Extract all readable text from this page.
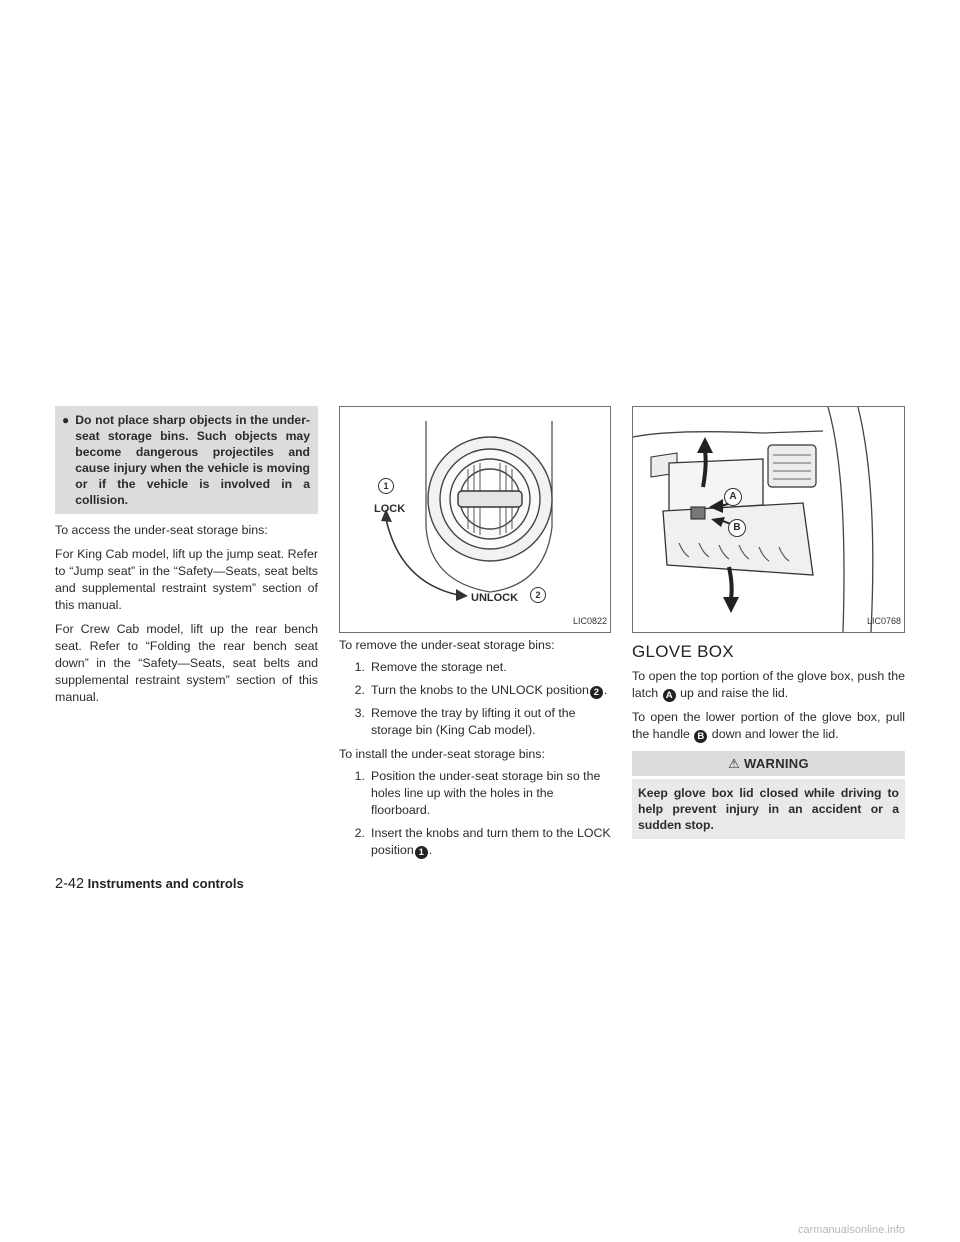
● Do not place sharp objects in the under-seat storage bins. Such objects may become dangerous projectiles and cause injury when the vehicle is moving or if the vehicle is involved in a collision.

To access the under-seat storage bins:

For King Cab model, lift up the jump seat. Refer to “Jump seat” in the “Safety—Seats, seat belts and supplemental restraint system” section of this manual.

For Crew Cab model, lift up the rear bench seat. Refer to “Folding the rear bench seat down” in the “Safety—Seats, seat belts and supplemental restraint system” section of this manual.

1
LOCK
UNLOCK	2
LIC0822

To remove the under-seat storage bins:

1. Remove the storage net.
2. Turn the knobs to the UNLOCK position 2 .
3. Remove the tray by lifting it out of the storage bin (King Cab model).

To install the under-seat storage bins:

1. Position the under-seat storage bin so the holes line up with the holes in the floorboard.
2. Insert the knobs and turn them to the LOCK position 1 .
A
B
LIC0768
GLOVE BOX

To open the top portion of the glove box, push the latch A up and raise the lid.

To open the lower portion of the glove box, pull the handle B down and lower the lid.

⚠ WARNING
Keep glove box lid closed while driving to help prevent injury in an accident or a sudden stop.
2-42 Instruments and controls
carmanualsonline.info
